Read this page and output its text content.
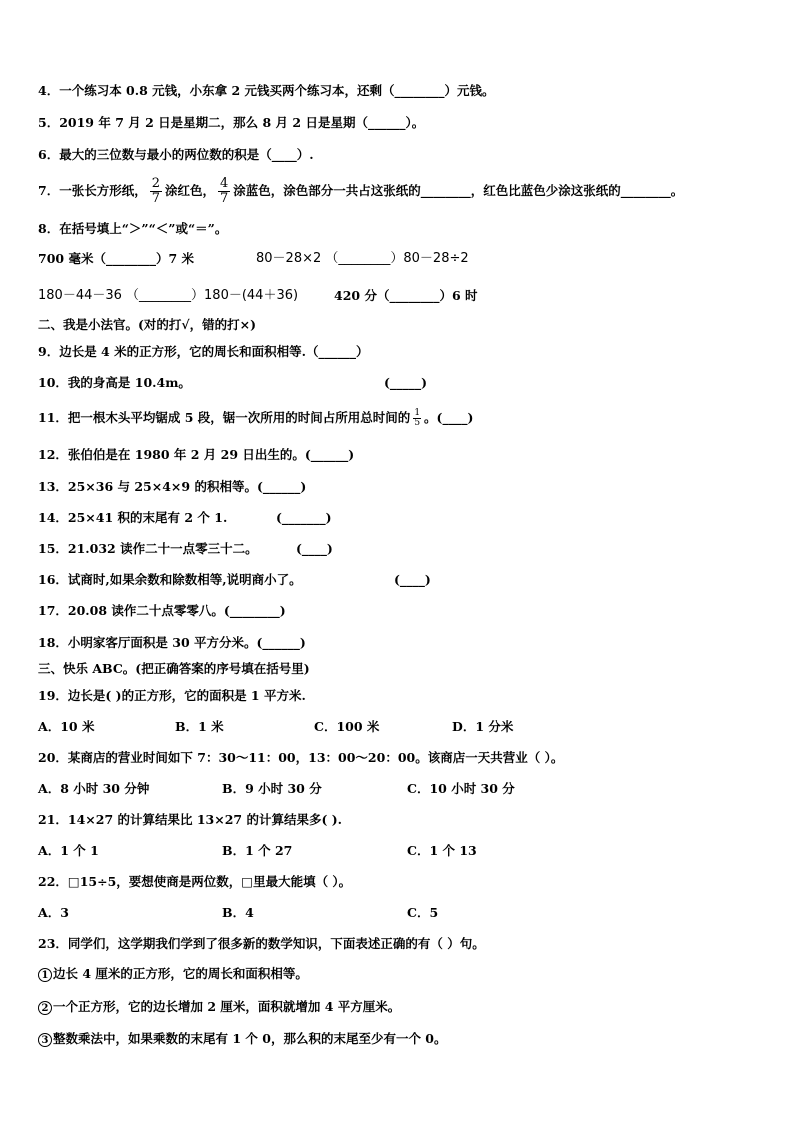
4．一个练习本 0.8 元钱，小东拿 2 元钱买两个练习本，还剩（________）元钱。
5．2019 年 7 月 2 日是星期二，那么 8 月 2 日是星期（______）。
6．最大的三位数与最小的两位数的积是（____）.
7．一张长方形纸， $\frac{2}{7}$ 涂红色， $\frac{4}{7}$ 涂蓝色，涂色部分一共占这张纸的________，红色比蓝色少涂这张纸的________。
8．在括号填上“＞”“＜”或“＝”。
700 毫米（________）7 米	80－28×2 （________）80－28÷2
180－44－36 （________）180－(44＋36)	420 分（________）6 时
二、我是小法官。(对的打√，错的打×)
9．边长是 4 米的正方形，它的周长和面积相等.（______）
10．我的身高是 10.4m。	(_____)
11．把一根木头平均锯成 5 段，锯一次所用的时间占所用总时间的 $\frac{1}{5}$ 。(____)
12．张伯伯是在 1980 年 2 月 29 日出生的。(______)
13．25×36 与 25×4×9 的积相等。(______)
14．25×41 积的末尾有 2 个 1.	(_______)
15．21.032 读作二十一点零三十二。	(____)
16．试商时,如果余数和除数相等,说明商小了。	(____)
17．20.08 读作二十点零零八。(________)
18．小明家客厅面积是 30 平方分米。(______)
三、快乐 ABC。(把正确答案的序号填在括号里)
19．边长是( )的正方形，它的面积是 1 平方米.
A．10 米	B．1 米	C．100 米	D．1 分米
20．某商店的营业时间如下 7：30～11：00，13：00～20：00。该商店一天共营业（ ）。
A．8 小时 30 分钟	B．9 小时 30 分	C．10 小时 30 分
21．14×27 的计算结果比 13×27 的计算结果多( ).
A．1 个 1	B．1 个 27	C．1 个 13
22．□15÷5，要想使商是两位数，□里最大能填（ ）。
A．3	B．4	C．5
23．同学们，这学期我们学到了很多新的数学知识，下面表述正确的有（ ）句。
1 边长 4 厘米的正方形，它的周长和面积相等。
2 一个正方形，它的边长增加 2 厘米，面积就增加 4 平方厘米。
3 整数乘法中，如果乘数的末尾有 1 个 0，那么积的末尾至少有一个 0。
